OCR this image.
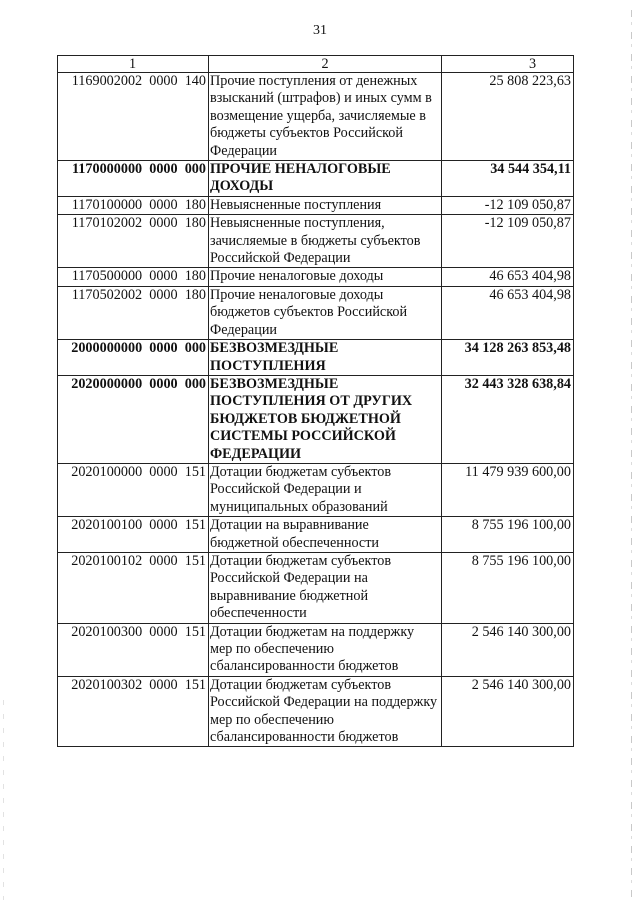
31
1	2	3
1169002002  0000  140	Прочие поступления от денежных взысканий (штрафов) и иных сумм в возмещение ущерба, зачисляемые в бюджеты субъектов Российской Федерации	25 808 223,63
1170000000  0000  000	ПРОЧИЕ НЕНАЛОГОВЫЕ ДОХОДЫ	34 544 354,11
1170100000  0000  180	Невыясненные поступления	-12 109 050,87
1170102002  0000  180	Невыясненные поступления, зачисляемые в бюджеты субъектов Российской Федерации	-12 109 050,87
1170500000  0000  180	Прочие неналоговые доходы	46 653 404,98
1170502002  0000  180	Прочие неналоговые доходы бюджетов субъектов Российской Федерации	46 653 404,98
2000000000  0000  000	БЕЗВОЗМЕЗДНЫЕ ПОСТУПЛЕНИЯ	34 128 263 853,48
2020000000  0000  000	БЕЗВОЗМЕЗДНЫЕ ПОСТУПЛЕНИЯ ОТ ДРУГИХ БЮДЖЕТОВ БЮДЖЕТНОЙ СИСТЕМЫ РОССИЙСКОЙ ФЕДЕРАЦИИ	32 443 328 638,84
2020100000  0000  151	Дотации бюджетам субъектов Российской Федерации и муниципальных образований	11 479 939 600,00
2020100100  0000  151	Дотации на выравнивание бюджетной обеспеченности	8 755 196 100,00
2020100102  0000  151	Дотации бюджетам субъектов Российской Федерации на выравнивание бюджетной обеспеченности	8 755 196 100,00
2020100300  0000  151	Дотации бюджетам на поддержку мер по обеспечению сбалансированности бюджетов	2 546 140 300,00
2020100302  0000  151	Дотации бюджетам субъектов Российской Федерации на поддержку мер по обеспечению сбалансированности бюджетов	2 546 140 300,00
